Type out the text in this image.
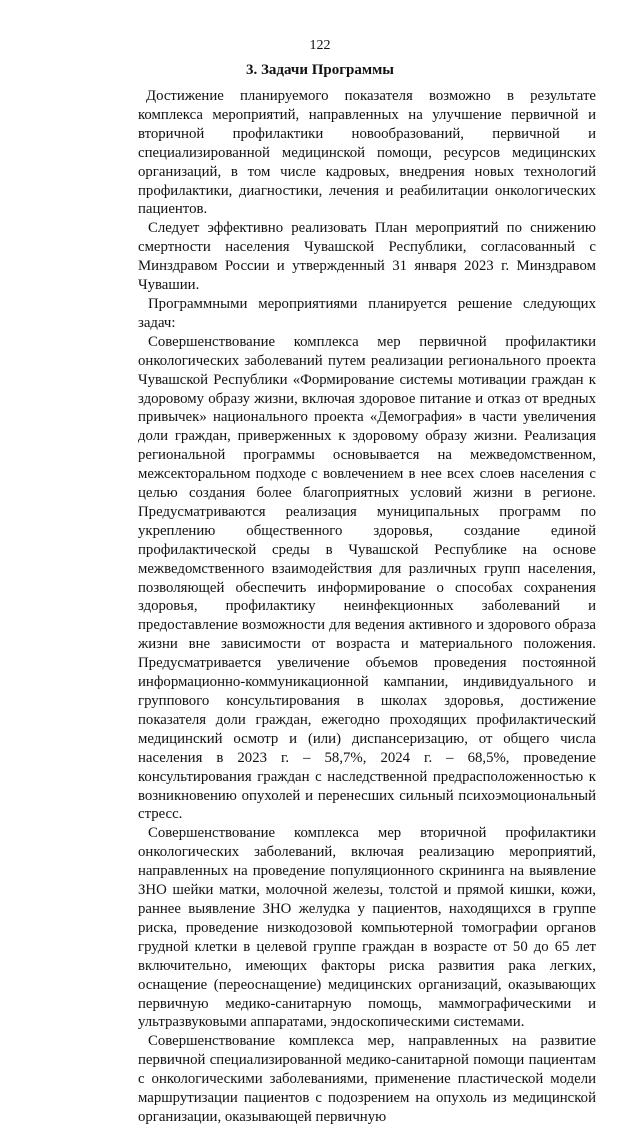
122
3. Задачи Программы

Достижение планируемого показателя возможно в результате комплекса мероприятий, направленных на улучшение первичной и вторичной профилактики новообразований, первичной и специализированной медицинской помощи, ресурсов медицинских организаций, в том числе кадровых, внедрения новых технологий профилактики, диагностики, лечения и реабилитации онкологических пациентов.

Следует эффективно реализовать План мероприятий по снижению смертности населения Чувашской Республики, согласованный с Минздравом России и утвержденный 31 января 2023 г. Минздравом Чувашии.

Программными мероприятиями планируется решение следующих задач:

Совершенствование комплекса мер первичной профилактики онкологических заболеваний путем реализации регионального проекта Чувашской Республики «Формирование системы мотивации граждан к здоровому образу жизни, включая здоровое питание и отказ от вредных привычек» национального проекта «Демография» в части увеличения доли граждан, приверженных к здоровому образу жизни. Реализация региональной программы основывается на межведомственном, межсекторальном подходе с вовлечением в нее всех слоев населения с целью создания более благоприятных условий жизни в регионе. Предусматриваются реализация муниципальных программ по укреплению общественного здоровья, создание единой профилактической среды в Чувашской Республике на основе межведомственного взаимодействия для различных групп населения, позволяющей обеспечить информирование о способах сохранения здоровья, профилактику неинфекционных заболеваний и предоставление возможности для ведения активного и здорового образа жизни вне зависимости от возраста и материального положения. Предусматривается увеличение объемов проведения постоянной информационно-коммуникационной кампании, индивидуального и группового консультирования в школах здоровья, достижение показателя доли граждан, ежегодно проходящих профилактический медицинский осмотр и (или) диспансеризацию, от общего числа населения в 2023 г. – 58,7%, 2024 г. – 68,5%, проведение консультирования граждан с наследственной предрасположенностью к возникновению опухолей и перенесших сильный психоэмоциональный стресс.

Совершенствование комплекса мер вторичной профилактики онкологических заболеваний, включая реализацию мероприятий, направленных на проведение популяционного скрининга на выявление ЗНО шейки матки, молочной железы, толстой и прямой кишки, кожи, раннее выявление ЗНО желудка у пациентов, находящихся в группе риска, проведение низкодозовой компьютерной томографии органов грудной клетки в целевой группе граждан в возрасте от 50 до 65 лет включительно, имеющих факторы риска развития рака легких, оснащение (переоснащение) медицинских организаций, оказывающих первичную медико-санитарную помощь, маммографическими и ультразвуковыми аппаратами, эндоскопическими системами.

Совершенствование комплекса мер, направленных на развитие первичной специализированной медико-санитарной помощи пациентам с онкологическими заболеваниями, применение пластической модели маршрутизации пациентов с подозрением на опухоль из медицинской организации, оказывающей первичную
